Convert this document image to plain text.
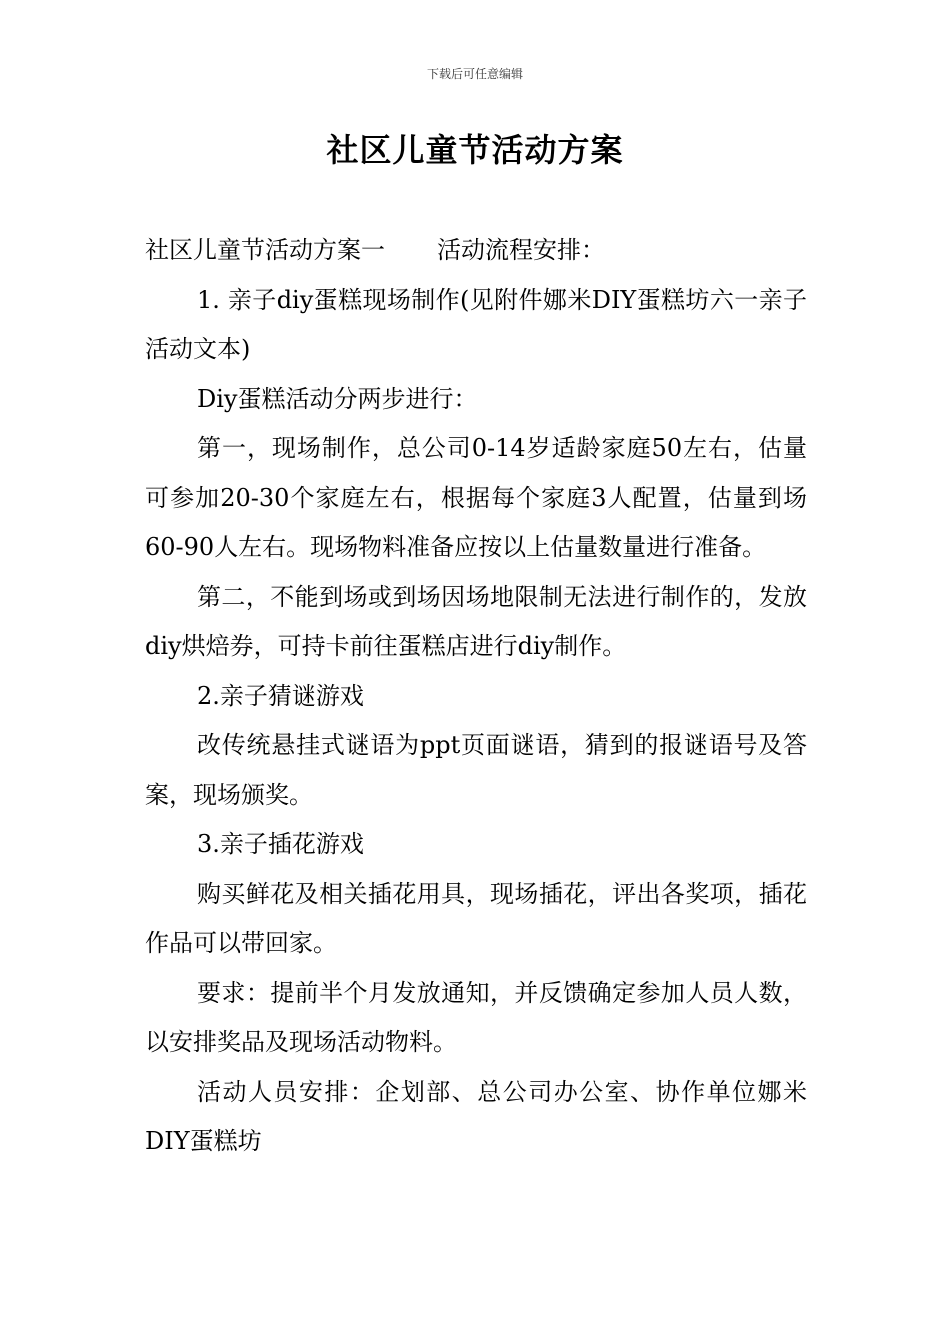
下载后可任意编辑
社区儿童节活动方案

社区儿童节活动方案一 活动流程安排：

1. 亲子diy蛋糕现场制作(见附件娜米DIY蛋糕坊六一亲子活动文本)

Diy蛋糕活动分两步进行：

第一，现场制作，总公司0-14岁适龄家庭50左右，估量可参加20-30个家庭左右，根据每个家庭3人配置，估量到场60-90人左右。现场物料准备应按以上估量数量进行准备。

第二，不能到场或到场因场地限制无法进行制作的，发放diy烘焙券，可持卡前往蛋糕店进行diy制作。

2.亲子猜谜游戏

改传统悬挂式谜语为ppt页面谜语，猜到的报谜语号及答案，现场颁奖。

3.亲子插花游戏

购买鲜花及相关插花用具，现场插花，评出各奖项，插花作品可以带回家。

要求：提前半个月发放通知，并反馈确定参加人员人数，以安排奖品及现场活动物料。

活动人员安排：企划部、总公司办公室、协作单位娜米DIY蛋糕坊
